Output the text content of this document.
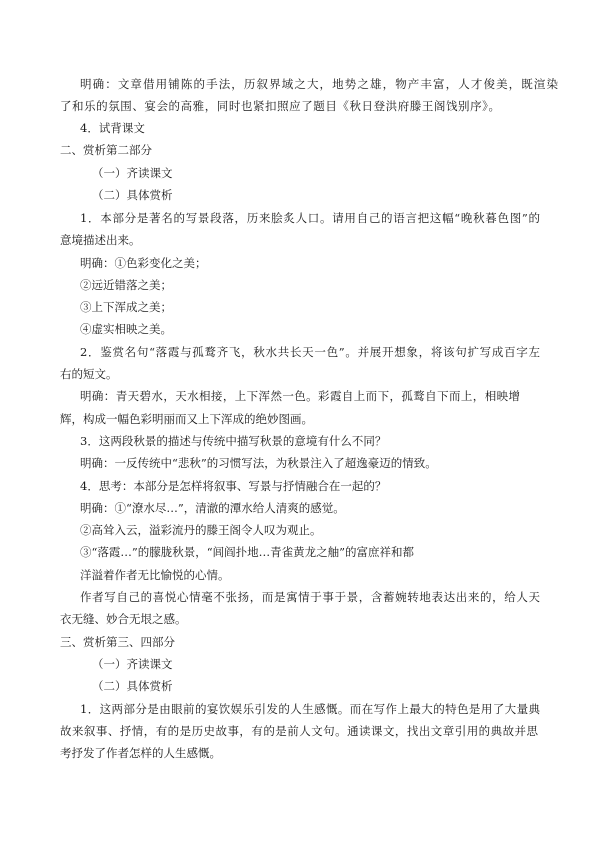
明确：文章借用铺陈的手法，历叙界域之大，地势之雄，物产丰富，人才俊美，既渲染
了和乐的氛围、宴会的高雅，同时也紧扣照应了题目《秋日登洪府滕王阁饯别序》。
4．试背课文
二、赏析第二部分
（一）齐读课文
（二）具体赏析
1．本部分是著名的写景段落，历来脍炙人口。请用自己的语言把这幅“晚秋暮色图”的
意境描述出来。
明确：①色彩变化之美；
②远近错落之美；
③上下浑成之美；
④虚实相映之美。
2．鉴赏名句“落霞与孤鹜齐飞，秋水共长天一色”。并展开想象，将该句扩写成百字左
右的短文。
明确：青天碧水，天水相接，上下浑然一色。彩霞自上而下，孤鹜自下而上，相映增
辉，构成一幅色彩明丽而又上下浑成的绝妙图画。
3．这两段秋景的描述与传统中描写秋景的意境有什么不同？
明确：一反传统中“悲秋”的习惯写法，为秋景注入了超逸豪迈的情致。
4．思考：本部分是怎样将叙事、写景与抒情融合在一起的？
明确：①“潦水尽…”，清澈的潭水给人清爽的感觉。
②高耸入云，溢彩流丹的滕王阁令人叹为观止。
③“落霞…”的朦胧秋景，“闾阎扑地…青雀黄龙之舳”的富庶祥和都
洋溢着作者无比愉悦的心情。
作者写自己的喜悦心情毫不张扬，而是寓情于事于景，含蓄婉转地表达出来的，给人天
衣无缝、妙合无垠之感。
三、赏析第三、四部分
（一）齐读课文
（二）具体赏析
1．这两部分是由眼前的宴饮娱乐引发的人生感慨。而在写作上最大的特色是用了大量典
故来叙事、抒情，有的是历史故事，有的是前人文句。通读课文，找出文章引用的典故并思
考抒发了作者怎样的人生感慨。
